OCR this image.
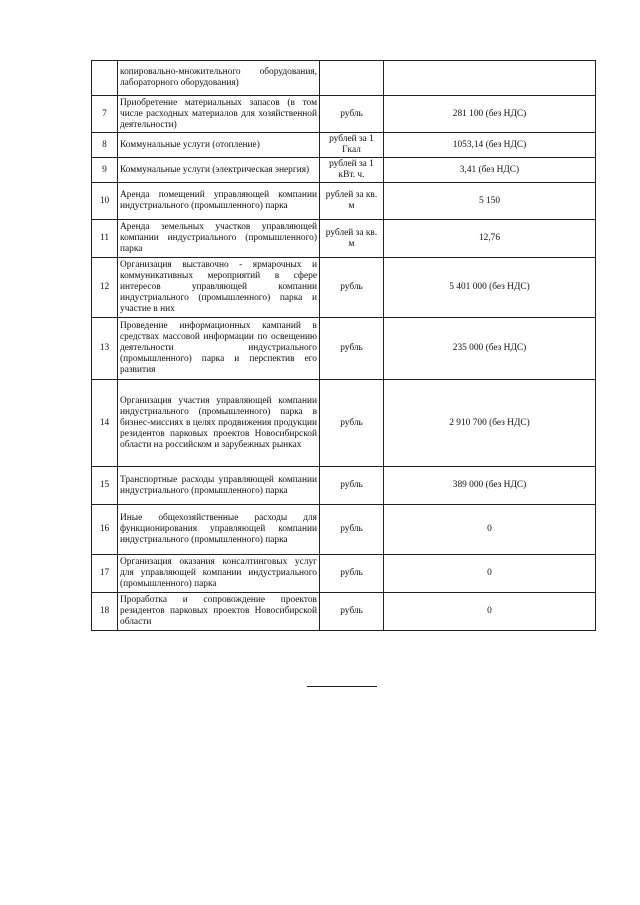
	копировально-множительного оборудования, лабораторного оборудования)		
7	Приобретение материальных запасов (в том числе расходных материалов для хозяйственной деятельности)	рубль	281 100 (без НДС)
8	Коммунальные услуги (отопление)	рублей за 1 Гкал	1053,14 (без НДС)
9	Коммунальные услуги (электрическая энергия)	рублей за 1 кВт. ч.	3,41 (без НДС)
10	Аренда помещений управляющей компании индустриального (промышленного) парка	рублей за кв. м	5 150
11	Аренда земельных участков управляющей компании индустриального (промышленного) парка	рублей за кв. м	12,76
12	Организация выставочно - ярмарочных и коммуникативных мероприятий в сфере интересов управляющей компании индустриального (промышленного) парка и участие в них	рубль	5 401 000 (без НДС)
13	Проведение информационных кампаний в средствах массовой информации по освещению деятельности индустриального (промышленного) парка и перспектив его развития	рубль	235 000 (без НДС)
14	Организация участия управляющей компании индустриального (промышленного) парка в бизнес-миссиях в целях продвижения продукции резидентов парковых проектов Новосибирской области на российском и зарубежных рынках	рубль	2 910 700 (без НДС)
15	Транспортные расходы управляющей компании индустриального (промышленного) парка	рубль	389 000 (без НДС)
16	Иные общехозяйственные расходы для функционирования управляющей компании индустриального (промышленного) парка	рубль	0
17	Организация оказания консалтинговых услуг для управляющей компании индустриального (промышленного) парка	рубль	0
18	Проработка и сопровождение проектов резидентов парковых проектов Новосибирской области	рубль	0
